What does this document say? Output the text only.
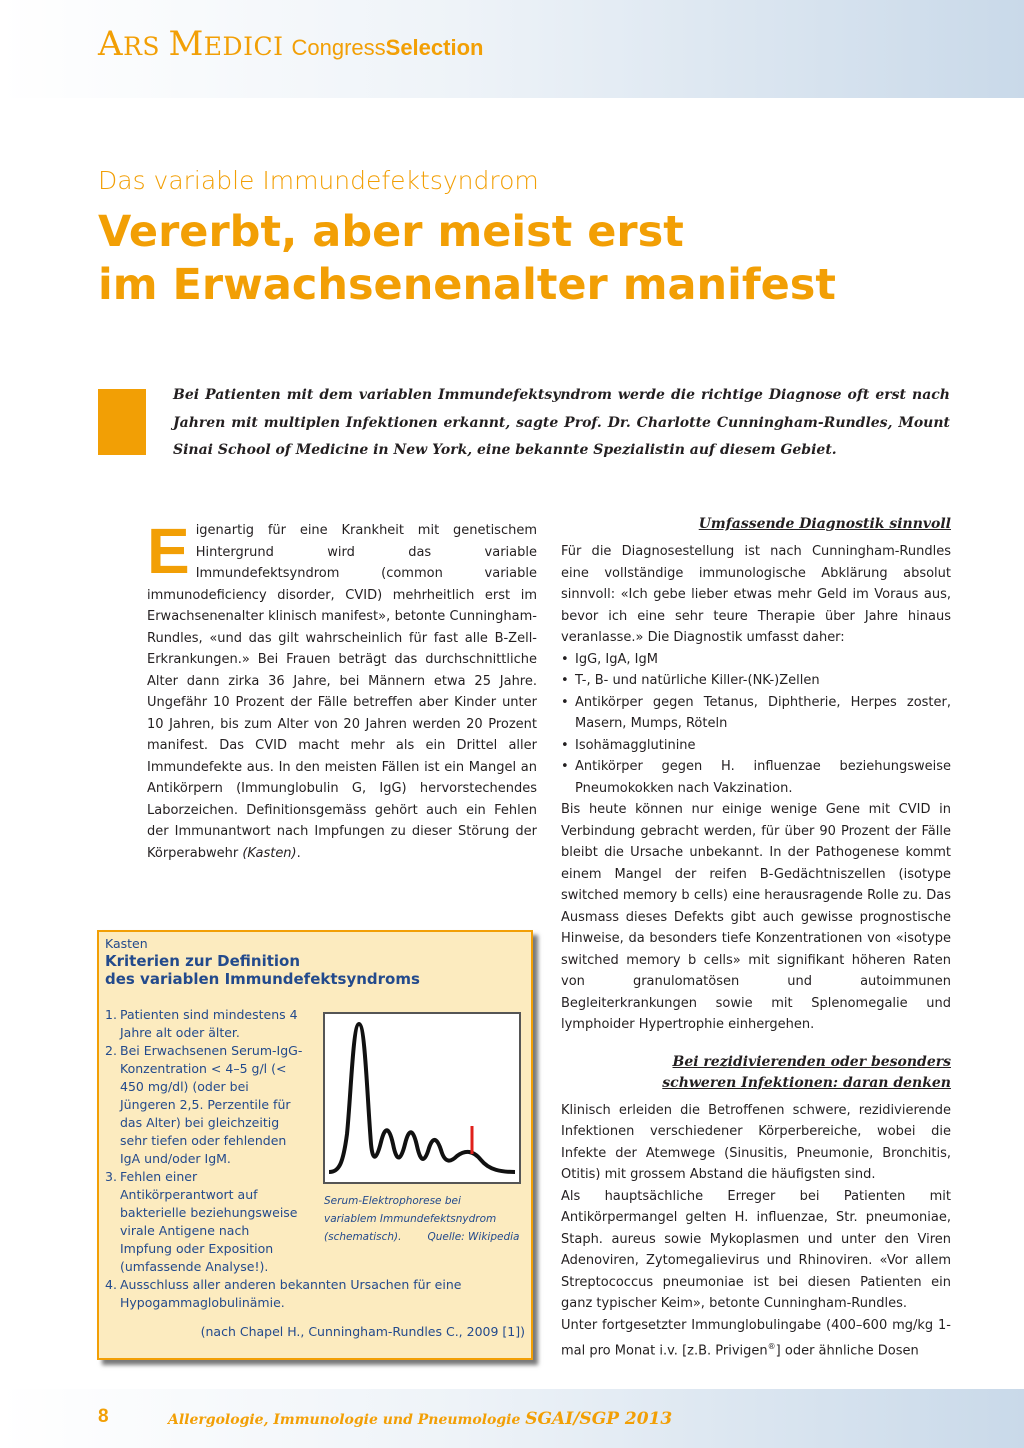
ARS MEDICI CongressSelection
Das variable Immundefektsyndrom
Vererbt, aber meist erst
im Erwachsenenalter manifest

Bei Patienten mit dem variablen Immundefektsyndrom werde die richtige Diagnose oft erst nach Jahren mit multiplen Infektionen erkannt, sagte Prof. Dr. Charlotte Cunningham-Rundles, Mount Sinai School of Medicine in New York, eine bekannte Spezialistin auf diesem Gebiet.

Eigenartig für eine Krankheit mit genetischem Hintergrund wird das variable Immundefektsyndrom (common variable immunodeficiency disorder, CVID) mehrheitlich erst im Erwachsenenalter klinisch manifest», betonte Cunningham-Rundles, «und das gilt wahrscheinlich für fast alle B-Zell-Erkrankungen.» Bei Frauen beträgt das durchschnittliche Alter dann zirka 36 Jahre, bei Männern etwa 25 Jahre. Ungefähr 10 Prozent der Fälle betreffen aber Kinder unter 10 Jahren, bis zum Alter von 20 Jahren werden 20 Prozent manifest. Das CVID macht mehr als ein Drittel aller Immundefekte aus. In den meisten Fällen ist ein Mangel an Antikörpern (Immunglobulin G, IgG) hervorstechendes Laborzeichen. Definitionsgemäss gehört auch ein Fehlen der Immunantwort nach Impfungen zu dieser Störung der Körperabwehr (Kasten).

Umfassende Diagnostik sinnvoll

Für die Diagnosestellung ist nach Cunningham-Rundles eine vollständige immunologische Abklärung absolut sinnvoll: «Ich gebe lieber etwas mehr Geld im Voraus aus, bevor ich eine sehr teure Therapie über Jahre hinaus veranlasse.» Die Diagnostik umfasst daher:

• IgG, IgA, IgM
• T-, B- und natürliche Killer-(NK-)Zellen
• Antikörper gegen Tetanus, Diphtherie, Herpes zoster, Masern, Mumps, Röteln
• Isohämagglutinine
• Antikörper gegen H. influenzae beziehungsweise Pneumokokken nach Vakzination.

Bis heute können nur einige wenige Gene mit CVID in Verbindung gebracht werden, für über 90 Prozent der Fälle bleibt die Ursache unbekannt. In der Pathogenese kommt einem Mangel der reifen B-Gedächtniszellen (isotype switched memory b cells) eine herausragende Rolle zu. Das Ausmass dieses Defekts gibt auch gewisse prognostische Hinweise, da besonders tiefe Konzentrationen von «isotype switched memory b cells» mit signifikant höheren Raten von granulomatösen und autoimmunen Begleiterkrankungen sowie mit Splenomegalie und lymphoider Hypertrophie einhergehen.

Bei rezidivierenden oder besonders
schweren Infektionen: daran denken

Klinisch erleiden die Betroffenen schwere, rezidivierende Infektionen verschiedener Körperbereiche, wobei die Infekte der Atemwege (Sinusitis, Pneumonie, Bronchitis, Otitis) mit grossem Abstand die häufigsten sind.

Als hauptsächliche Erreger bei Patienten mit Antikörpermangel gelten H. influenzae, Str. pneumoniae, Staph. aureus sowie Mykoplasmen und unter den Viren Adenoviren, Zytomegalievirus und Rhinoviren. «Vor allem Streptococcus pneumoniae ist bei diesen Patienten ein ganz typischer Keim», betonte Cunningham-Rundles.

Unter fortgesetzter Immunglobulingabe (400–600 mg/kg 1-mal pro Monat i.v. [z.B. Privigen®] oder ähnliche Dosen

Kasten
Kriterien zur Definition
des variablen Immundefektsyndroms
1. Patienten sind mindestens 4 Jahre alt oder älter.
2. Bei Erwachsenen Serum-IgG-Konzentration < 4–5 g/l (< 450 mg/dl) (oder bei Jüngeren 2,5. Perzentile für das Alter) bei gleichzeitig sehr tiefen oder fehlenden IgA und/oder IgM.
3. Fehlen einer Antikörperantwort auf bakterielle beziehungsweise virale Antigene nach Impfung oder Exposition (umfassende Analyse!).
4. Ausschluss aller anderen bekannten Ursachen für eine Hypogammaglobulinämie.
Serum-Elektrophorese bei
variablem Immundefektsnydrom
(schematisch). Quelle: Wikipedia
(nach Chapel H., Cunningham-Rundles C., 2009 [1])
8	Allergologie, Immunologie und Pneumologie SGAI/SGP 2013
